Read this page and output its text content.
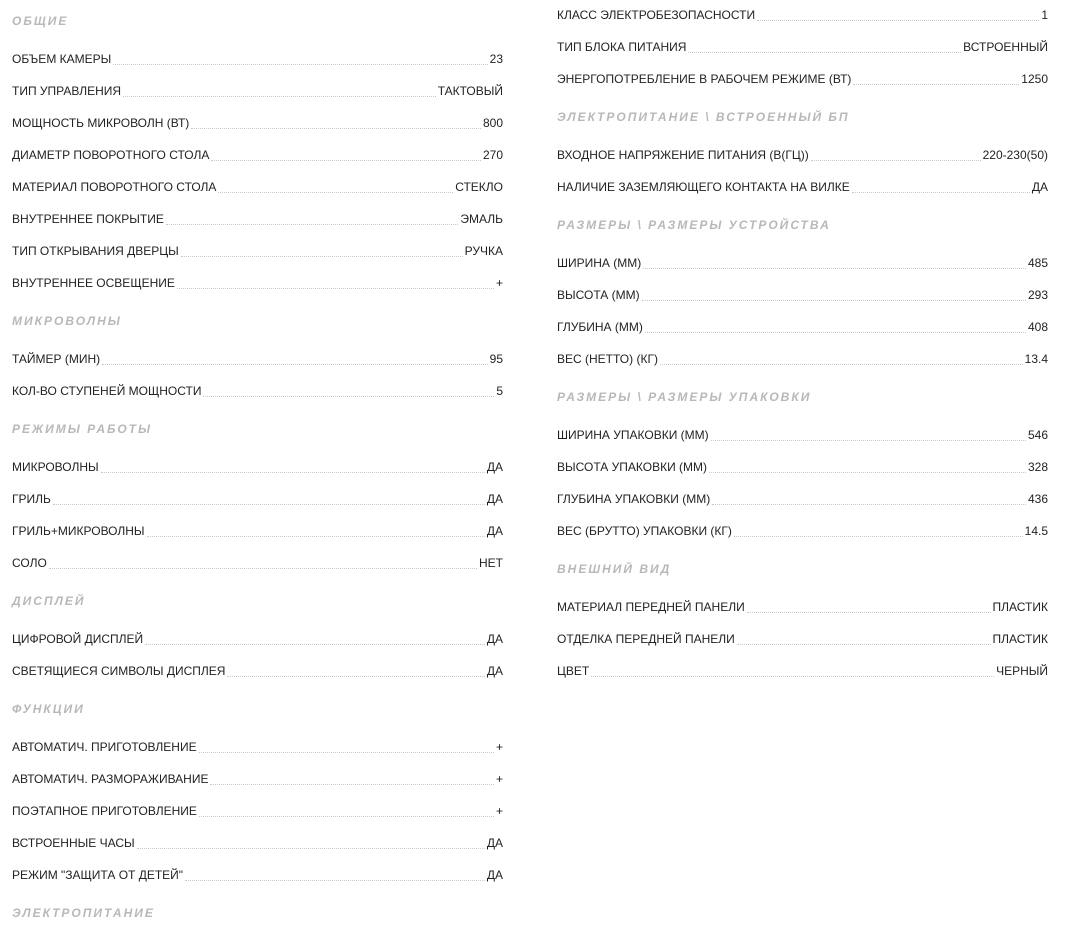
ОБЩИЕ
ОБЪЕМ КАМЕРЫ	23
ТИП УПРАВЛЕНИЯ	ТАКТОВЫЙ
МОЩНОСТЬ МИКРОВОЛН (ВТ)	800
ДИАМЕТР ПОВОРОТНОГО СТОЛА	270
МАТЕРИАЛ ПОВОРОТНОГО СТОЛА	СТЕКЛО
ВНУТРЕННЕЕ ПОКРЫТИЕ	ЭМАЛЬ
ТИП ОТКРЫВАНИЯ ДВЕРЦЫ	РУЧКА
ВНУТРЕННЕЕ ОСВЕЩЕНИЕ	+
МИКРОВОЛНЫ
ТАЙМЕР (МИН)	95
КОЛ-ВО СТУПЕНЕЙ МОЩНОСТИ	5
РЕЖИМЫ РАБОТЫ
МИКРОВОЛНЫ	ДА
ГРИЛЬ	ДА
ГРИЛЬ+МИКРОВОЛНЫ	ДА
СОЛО	НЕТ
ДИСПЛЕЙ
ЦИФРОВОЙ ДИСПЛЕЙ	ДА
СВЕТЯЩИЕСЯ СИМВОЛЫ ДИСПЛЕЯ	ДА
ФУНКЦИИ
АВТОМАТИЧ. ПРИГОТОВЛЕНИЕ	+
АВТОМАТИЧ. РАЗМОРАЖИВАНИЕ	+
ПОЭТАПНОЕ ПРИГОТОВЛЕНИЕ	+
ВСТРОЕННЫЕ ЧАСЫ	ДА
РЕЖИМ "ЗАЩИТА ОТ ДЕТЕЙ"	ДА
ЭЛЕКТРОПИТАНИЕ
КЛАСС ЭЛЕКТРОБЕЗОПАСНОСТИ	1
ТИП БЛОКА ПИТАНИЯ	ВСТРОЕННЫЙ
ЭНЕРГОПОТРЕБЛЕНИЕ В РАБОЧЕМ РЕЖИМЕ (ВТ)	1250
ЭЛЕКТРОПИТАНИЕ \ ВСТРОЕННЫЙ БП
ВХОДНОЕ НАПРЯЖЕНИЕ ПИТАНИЯ (В(ГЦ))	220-230(50)
НАЛИЧИЕ ЗАЗЕМЛЯЮЩЕГО КОНТАКТА НА ВИЛКЕ	ДА
РАЗМЕРЫ \ РАЗМЕРЫ УСТРОЙСТВА
ШИРИНА (ММ)	485
ВЫСОТА (ММ)	293
ГЛУБИНА (ММ)	408
ВЕС (НЕТТО) (КГ)	13.4
РАЗМЕРЫ \ РАЗМЕРЫ УПАКОВКИ
ШИРИНА УПАКОВКИ (ММ)	546
ВЫСОТА УПАКОВКИ (ММ)	328
ГЛУБИНА УПАКОВКИ (ММ)	436
ВЕС (БРУТТО) УПАКОВКИ (КГ)	14.5
ВНЕШНИЙ ВИД
МАТЕРИАЛ ПЕРЕДНЕЙ ПАНЕЛИ	ПЛАСТИК
ОТДЕЛКА ПЕРЕДНЕЙ ПАНЕЛИ	ПЛАСТИК
ЦВЕТ	ЧЕРНЫЙ
